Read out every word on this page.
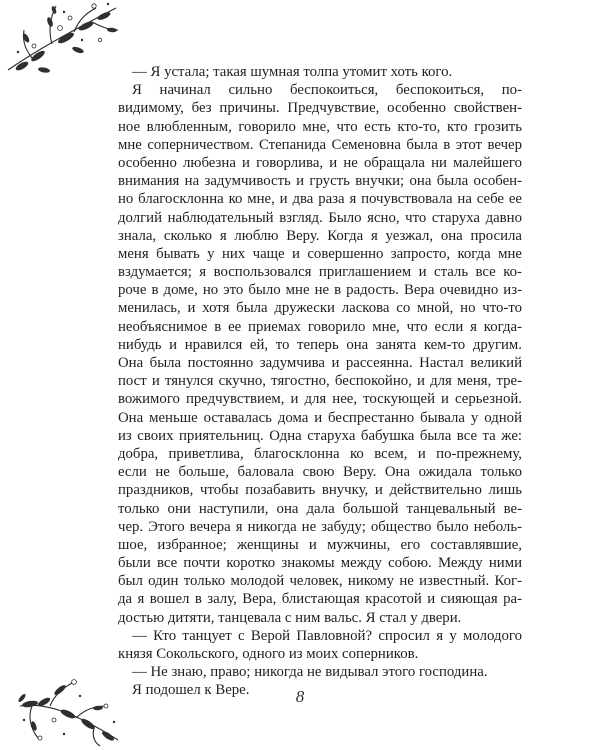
— Я устала; такая шумная толпа утомит хоть кого.
Я начинал сильно беспокоиться, беспокоиться, по-
видимому, без причины. Предчувствие, особенно свойствен-
ное влюбленным, говорило мне, что есть кто-то, кто грозить
мне соперничеством. Степанида Семеновна была в этот вечер
особенно любезна и говорлива, и не обращала ни малейшего
внимания на задумчивость и грусть внучки; она была особен-
но благосклонна ко мне, и два раза я почувствовала на себе ее
долгий наблюдательный взгляд. Было ясно, что старуха давно
знала, сколько я люблю Веру. Когда я уезжал, она просила
меня бывать у них чаще и совершенно запросто, когда мне
вздумается; я воспользовался приглашением и сталь все ко-
роче в доме, но это было мне не в радость. Вера очевидно из-
менилась, и хотя была дружески ласкова со мной, но что-то
необъяснимое в ее приемах говорило мне, что если я когда-
нибудь и нравился ей, то теперь она занята кем-то другим.
Она была постоянно задумчива и рассеянна. Настал великий
пост и тянулся скучно, тягостно, беспокойно, и для меня, тре-
вожимого предчувствием, и для нее, тоскующей и серьезной.
Она меньше оставалась дома и беспрестанно бывала у одной
из своих приятельниц. Одна старуха бабушка была все та же:
добра, приветлива, благосклонна ко всем, и по-прежнему,
если не больше, баловала свою Веру. Она ожидала только
праздников, чтобы позабавить внучку, и действительно лишь
только они наступили, она дала большой танцевальный ве-
чер. Этого вечера я никогда не забуду; общество было неболь-
шое, избранное; женщины и мужчины, его составлявшие,
были все почти коротко знакомы между собою. Между ними
был один только молодой человек, никому не известный. Ког-
да я вошел в залу, Вера, блистающая красотой и сияющая ра-
достью дитяти, танцевала с ним вальс. Я стал у двери.
— Кто танцует с Верой Павловной? спросил я у молодого
князя Сокольского, одного из моих соперников.
— Не знаю, право; никогда не видывал этого господина.
Я подошел к Вере.	8
